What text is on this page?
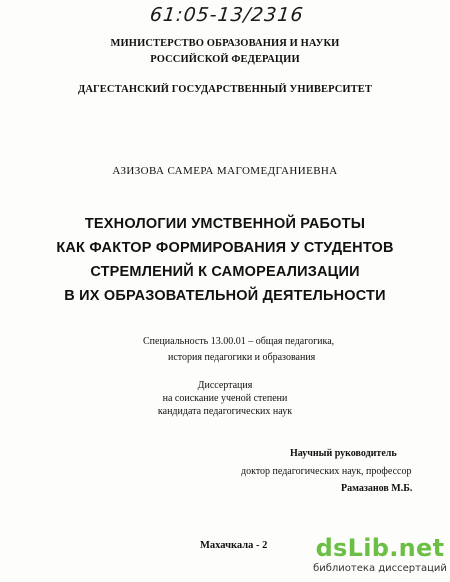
61:05-13/2316
МИНИСТЕРСТВО ОБРАЗОВАНИЯ И НАУКИ
РОССИЙСКОЙ ФЕДЕРАЦИИ
ДАГЕСТАНСКИЙ ГОСУДАРСТВЕННЫЙ УНИВЕРСИТЕТ
АЗИЗОВА САМЕРА МАГОМЕДГАНИЕВНА
ТЕХНОЛОГИИ УМСТВЕННОЙ РАБОТЫ
КАК ФАКТОР ФОРМИРОВАНИЯ У СТУДЕНТОВ
СТРЕМЛЕНИЙ К САМОРЕАЛИЗАЦИИ
В ИХ ОБРАЗОВАТЕЛЬНОЙ ДЕЯТЕЛЬНОСТИ
Специальность 13.00.01 – общая педагогика,
история педагогики и образования
Диссертация
на соискание ученой степени
кандидата педагогических наук
Научный руководитель
доктор педагогических наук, профессор
Рамазанов М.Б.
Махачкала - 2 dsLib.net
библиотека диссертаций
